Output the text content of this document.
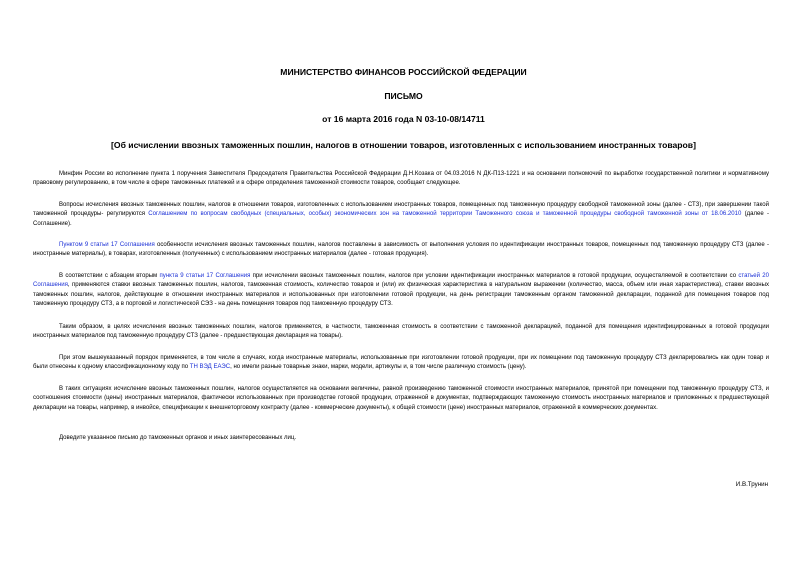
МИНИСТЕРСТВО ФИНАНСОВ РОССИЙСКОЙ ФЕДЕРАЦИИ
ПИСЬМО
от 16 марта 2016 года N 03-10-08/14711
[Об исчислении ввозных таможенных пошлин, налогов в отношении товаров, изготовленных с использованием иностранных товаров]

Минфин России во исполнение пункта 1 поручения Заместителя Председателя Правительства Российской Федерации Д.Н.Козака от 04.03.2016 N ДК-П13-1221 и на основании полномочий по выработке государственной политики и нормативному правовому регулированию, в том числе в сфере таможенных платежей и в сфере определения таможенной стоимости товаров, сообщает следующее.

Вопросы исчисления ввозных таможенных пошлин, налогов в отношении товаров, изготовленных с использованием иностранных товаров, помещенных под таможенную процедуру свободной таможенной зоны (далее - СТЗ), при завершении такой таможенной процедуры- регулируются Соглашением по вопросам свободных (специальных, особых) экономических зон на таможенной территории Таможенного союза и таможенной процедуры свободной таможенной зоны от 18.06.2010 (далее - Соглашение).

Пунктом 9 статьи 17 Соглашения особенности исчисления ввозных таможенных пошлин, налогов поставлены в зависимость от выполнения условия по идентификации иностранных товаров, помещенных под таможенную процедуру СТЗ (далее - иностранные материалы), в товарах, изготовленных (полученных) с использованием иностранных материалов (далее - готовая продукция).

В соответствии с абзацем вторым пункта 9 статьи 17 Соглашения при исчислении ввозных таможенных пошлин, налогов при условии идентификации иностранных материалов в готовой продукции, осуществляемой в соответствии со статьей 20 Соглашения, применяются ставки ввозных таможенных пошлин, налогов, таможенная стоимость, количество товаров и (или) их физическая характеристика в натуральном выражении (количество, масса, объем или иная характеристика), ставки ввозных таможенных пошлин, налогов, действующие в отношении иностранных материалов и использованных при изготовлении готовой продукции, на день регистрации таможенным органом таможенной декларации, поданной для помещения товаров под таможенную процедуру СТЗ, а в портовой и логистической СЭЗ - на день помещения товаров под таможенную процедуру СТЗ.

Таким образом, в целях исчисления ввозных таможенных пошлин, налогов применяется, в частности, таможенная стоимость в соответствии с таможенной декларацией, поданной для помещения идентифицированных в готовой продукции иностранных материалов под таможенную процедуру СТЗ (далее - предшествующая декларация на товары).

При этом вышеуказанный порядок применяется, в том числе в случаях, когда иностранные материалы, использованные при изготовлении готовой продукции, при их помещении под таможенную процедуру СТЗ декларировались как один товар и были отнесены к одному классификационному коду по ТН ВЭД ЕАЭС, но имели разные товарные знаки, марки, модели, артикулы и, в том числе различную стоимость (цену).

В таких ситуациях исчисление ввозных таможенных пошлин, налогов осуществляется на основании величины, равной произведению таможенной стоимости иностранных материалов, принятой при помещении под таможенную процедуру СТЗ, и соотношения стоимости (цены) иностранных материалов, фактически использованных при производстве готовой продукции, отраженной в документах, подтверждающих таможенную стоимость иностранных материалов и приложенных к предшествующей декларации на товары, например, в инвойсе, спецификации к внешнеторговому контракту (далее - коммерческие документы), к общей стоимости (цене) иностранных материалов, отраженной в коммерческих документах.

Доведите указанное письмо до таможенных органов и иных заинтересованных лиц.

И.В.Трунин
